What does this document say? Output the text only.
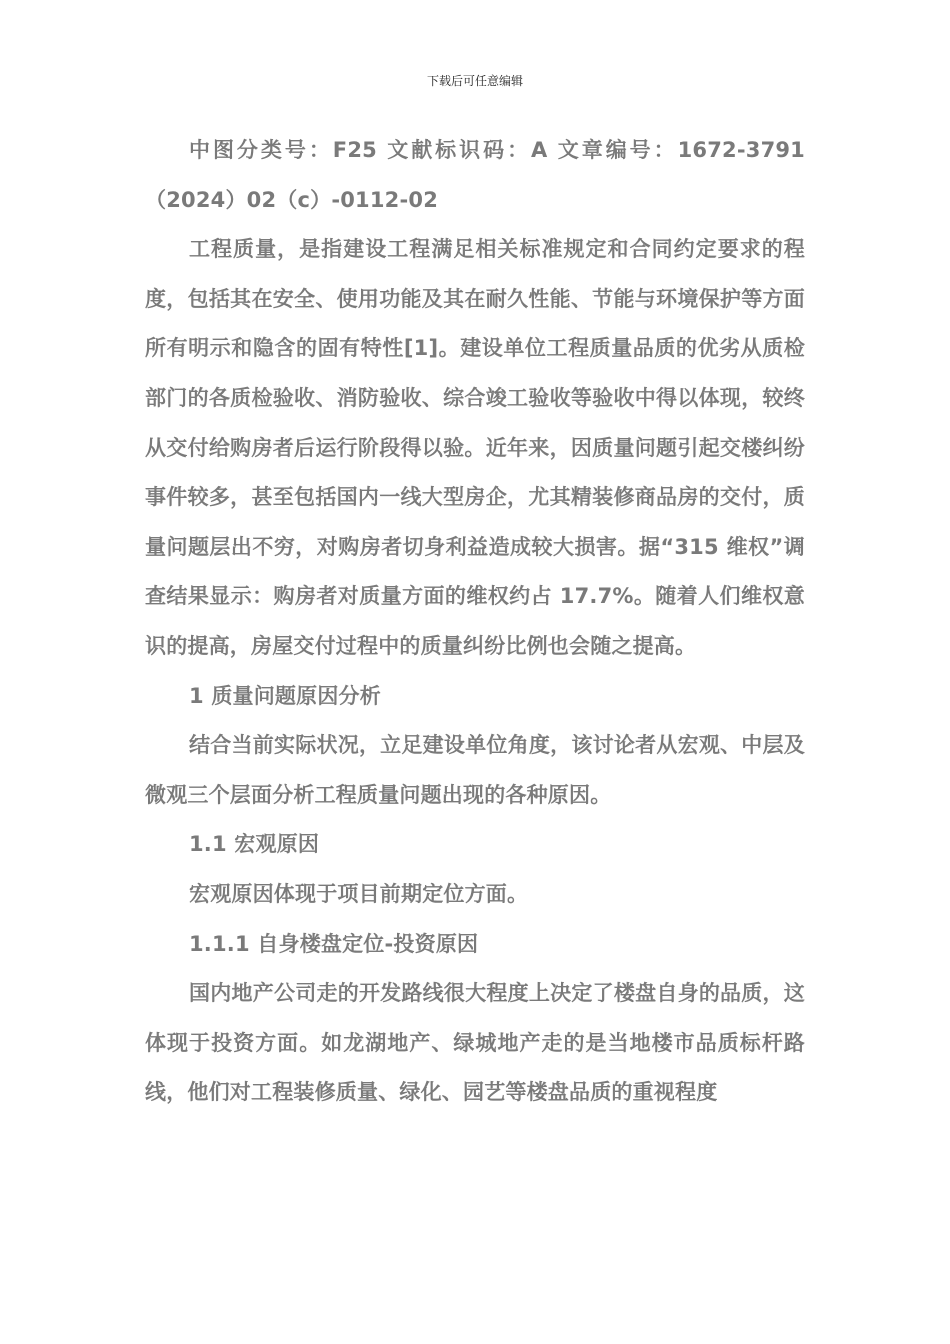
下载后可任意编辑

中图分类号：F25 文献标识码：A 文章编号：1672-3791（2024）02（c）-0112-02

工程质量，是指建设工程满足相关标准规定和合同约定要求的程度，包括其在安全、使用功能及其在耐久性能、节能与环境保护等方面所有明示和隐含的固有特性[1]。建设单位工程质量品质的优劣从质检部门的各质检验收、消防验收、综合竣工验收等验收中得以体现，较终从交付给购房者后运行阶段得以验。近年来，因质量问题引起交楼纠纷事件较多，甚至包括国内一线大型房企，尤其精装修商品房的交付，质量问题层出不穷，对购房者切身利益造成较大损害。据“315 维权”调查结果显示：购房者对质量方面的维权约占 17.7%。随着人们维权意识的提高，房屋交付过程中的质量纠纷比例也会随之提高。

1 质量问题原因分析

结合当前实际状况，立足建设单位角度，该讨论者从宏观、中层及微观三个层面分析工程质量问题出现的各种原因。

1.1 宏观原因

宏观原因体现于项目前期定位方面。

1.1.1 自身楼盘定位-投资原因

国内地产公司走的开发路线很大程度上决定了楼盘自身的品质，这体现于投资方面。如龙湖地产、绿城地产走的是当地楼市品质标杆路线，他们对工程装修质量、绿化、园艺等楼盘品质的重视程度
